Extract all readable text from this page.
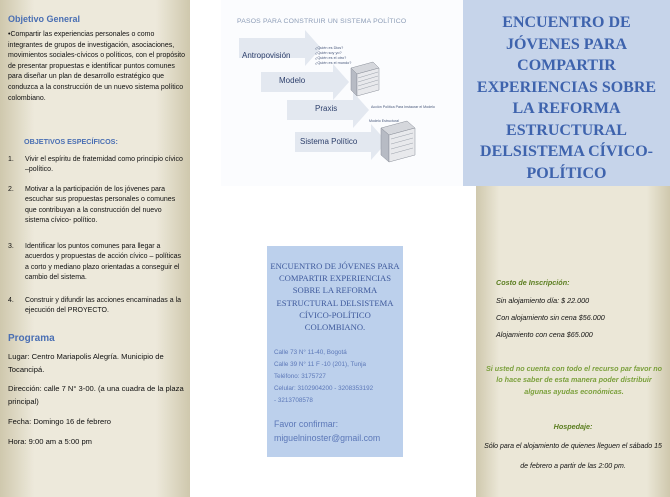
Objetivo General
•Compartir las experiencias personales o como integrantes de grupos de investigación, asociaciones, movimientos sociales-cívicos o políticos, con el propósito de presentar propuestas e identificar puntos comunes para diseñar un plan de desarrollo estratégico que conduzca a la construcción de un nuevo sistema político colombiano.
OBJETIVOS ESPECÍFICOS:
1. Vivir el espíritu de fraternidad como principio cívico –político.
2. Motivar a la participación de los jóvenes para escuchar sus propuestas personales o comunes que contribuyan a la construcción del nuevo sistema cívico- político.
3. Identificar los puntos comunes para llegar a acuerdos y propuestas de acción cívico – políticas a corto y mediano plazo orientadas a conseguir el cambio del sistema.
4. Construir y difundir las acciones encaminadas a la ejecución del PROYECTO.
Programa
Lugar: Centro Mariapolis Alegría. Municipio de Tocancipá.
Dirección: calle 7 N° 3-00. (a una cuadra de la plaza principal)
Fecha: Domingo 16 de febrero
Hora: 9:00 am a 5:00 pm
PASOS PARA CONSTRUIR UN SISTEMA POLÍTICO
Antropovisión
Modelo
Praxis
Sistema Político
¿Quién es Dios?
¿Quién soy yo?
¿Quién es el otro?
¿Quién es el mundo?
Acción Política Para Instaurar el Modelo
Modelo Estructural
ENCUENTRO DE JÓVENES PARA COMPARTIR EXPERIENCIAS SOBRE LA REFORMA ESTRUCTURAL DELSISTEMA CÍVICO-POLÍTICO
ENCUENTRO DE JÓVENES PARA COMPARTIR EXPERIENCIAS SOBRE LA REFORMA ESTRUCTURAL DELSISTEMA CÍVICO-POLÍTICO COLOMBIANO.
Calle 73 N° 11-40, Bogotá
Calle 39 N° 11 F -10 (201), Tunja
Teléfono: 3175727
Celular: 3102904200 - 3208353192
- 3213708578
Favor confirmar:
miguelninoster@gmail.com
Costo de Inscripción:
Sin alojamiento día: $ 22.000
Con alojamiento sin cena $56.000
Alojamiento con cena $65.000
Si usted no cuenta con todo el recurso par favor no lo hace saber de esta manera poder distribuir algunas ayudas económicas.
Hospedaje:
Sólo para el alojamiento de quienes lleguen el sábado 15 de febrero a partir de las 2:00 pm.
